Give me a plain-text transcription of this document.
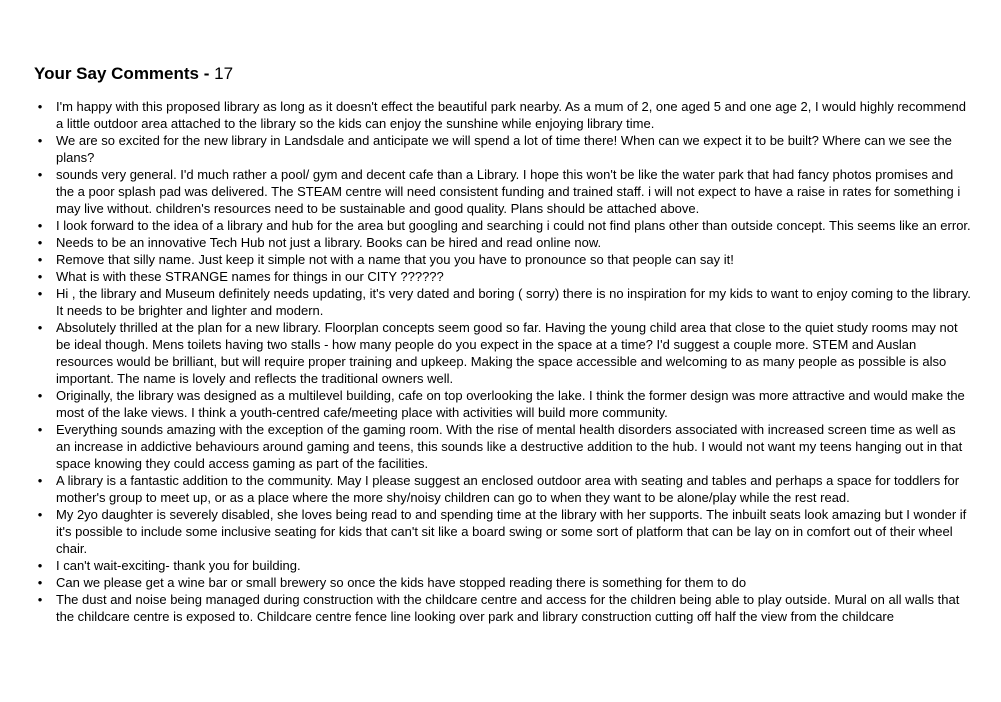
Your Say Comments - 17
• I'm happy with this proposed library as long as it doesn't effect the beautiful park nearby. As a mum of 2, one aged 5 and one age 2, I would highly recommend a little outdoor area attached to the library so the kids can enjoy the sunshine while enjoying library time.
• We are so excited for the new library in Landsdale and anticipate we will spend a lot of time there! When can we expect it to be built? Where can we see the plans?
• sounds very general. I'd much rather a pool/ gym and decent cafe than a Library. I hope this won't be like the water park that had fancy photos promises and the a poor splash pad was delivered. The STEAM centre will need consistent funding and trained staff. i will not expect to have a raise in rates for something i may live without. children's resources need to be sustainable and good quality. Plans should be attached above.
• I look forward to the idea of a library and hub for the area but googling and searching i could not find plans other than outside concept. This seems like an error.
• Needs to be an innovative Tech Hub not just a library. Books can be hired and read online now.
• Remove that silly name. Just keep it simple not with a name that you you have to pronounce so that people can say it!
• What is with these STRANGE names for things in our CITY ??????
• Hi , the library and Museum definitely needs updating, it's very dated and boring ( sorry) there is no inspiration for my kids to want to enjoy coming to the library. It needs to be brighter and lighter and modern.
• Absolutely thrilled at the plan for a new library. Floorplan concepts seem good so far. Having the young child area that close to the quiet study rooms may not be ideal though. Mens toilets having two stalls - how many people do you expect in the space at a time? I'd suggest a couple more. STEM and Auslan resources would be brilliant, but will require proper training and upkeep. Making the space accessible and welcoming to as many people as possible is also important. The name is lovely and reflects the traditional owners well.
• Originally, the library was designed as a multilevel building, cafe on top overlooking the lake. I think the former design was more attractive and would make the most of the lake views. I think a youth-centred cafe/meeting place with activities will build more community.
• Everything sounds amazing with the exception of the gaming room. With the rise of mental health disorders associated with increased screen time as well as an increase in addictive behaviours around gaming and teens, this sounds like a destructive addition to the hub. I would not want my teens hanging out in that space knowing they could access gaming as part of the facilities.
• A library is a fantastic addition to the community. May I please suggest an enclosed outdoor area with seating and tables and perhaps a space for toddlers for mother's group to meet up, or as a place where the more shy/noisy children can go to when they want to be alone/play while the rest read.
• My 2yo daughter is severely disabled, she loves being read to and spending time at the library with her supports. The inbuilt seats look amazing but I wonder if it's possible to include some inclusive seating for kids that can't sit like a board swing or some sort of platform that can be lay on in comfort out of their wheel chair.
• I can't wait-exciting- thank you for building.
• Can we please get a wine bar or small brewery so once the kids have stopped reading there is something for them to do
• The dust and noise being managed during construction with the childcare centre and access for the children being able to play outside. Mural on all walls that the childcare centre is exposed to. Childcare centre fence line looking over park and library construction cutting off half the view from the childcare
